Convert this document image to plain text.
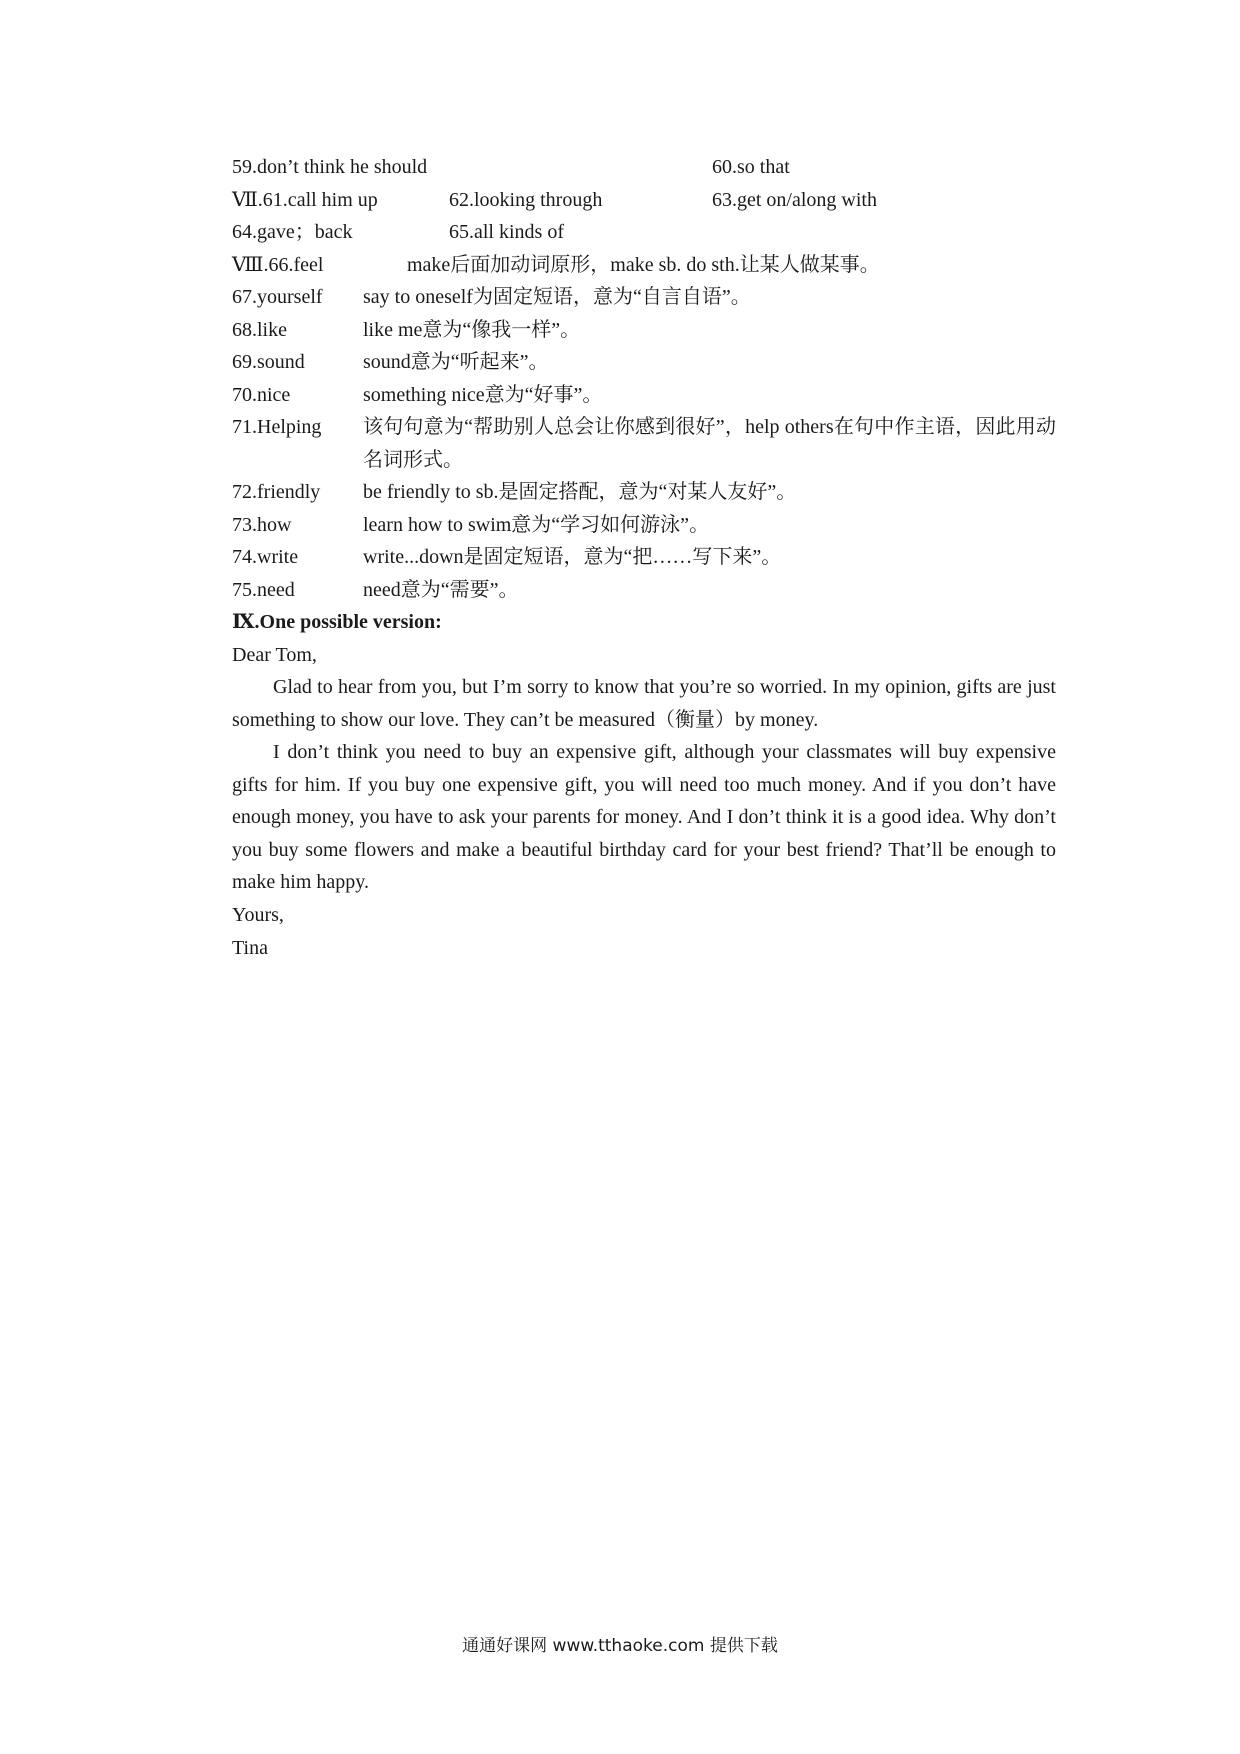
59.don’t think he should	60.so that
Ⅶ.61.call him up	62.looking through	63.get on/along with
64.gave；back	65.all kinds of
Ⅷ.66.feel	make后面加动词原形，make sb. do sth.让某人做某事。
67.yourself say to oneself为固定短语，意为“自言自语”。
68.like	like me意为“像我一样”。
69.sound	sound意为“听起来”。
70.nice	something nice意为“好事”。
71.Helping 该句句意为“帮助别人总会让你感到很好”，help others在句中作主语，因此用动名词形式。
72.friendly be friendly to sb.是固定搭配，意为“对某人友好”。
73.how	learn how to swim意为“学习如何游泳”。
74.write	write...down是固定短语，意为“把……写下来”。
75.need	need意为“需要”。
Ⅸ.One possible version:
Dear Tom,
Glad to hear from you, but I’m sorry to know that you’re so worried. In my opinion, gifts are just something to show our love. They can’t be measured（衡量）by money.
I don’t think you need to buy an expensive gift, although your classmates will buy expensive gifts for him. If you buy one expensive gift, you will need too much money. And if you don’t have enough money, you have to ask your parents for money. And I don’t think it is a good idea. Why don’t you buy some flowers and make a beautiful birthday card for your best friend? That’ll be enough to make him happy.
Yours,
Tina
通通好课网 www.tthaoke.com 提供下载
